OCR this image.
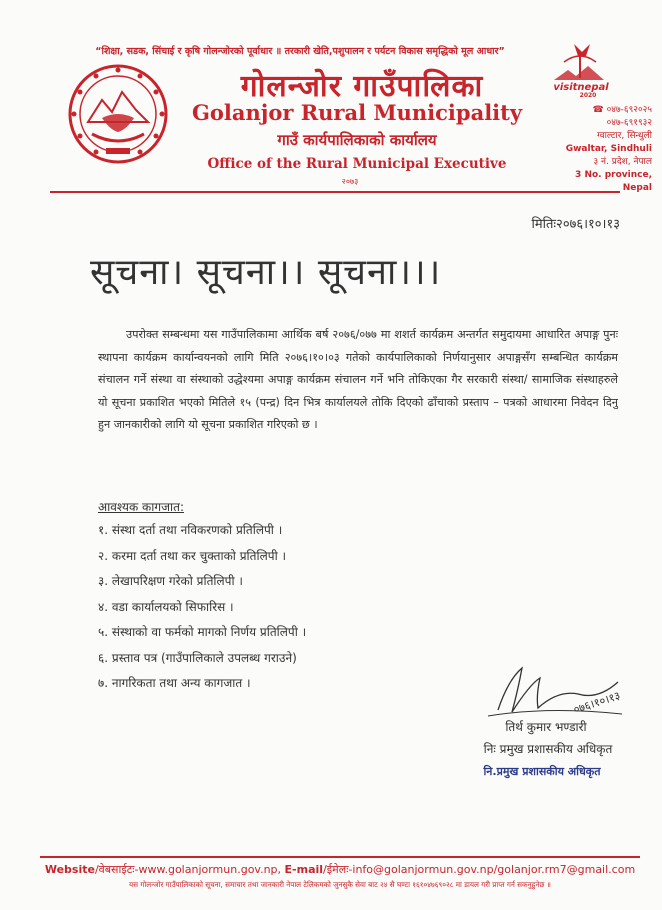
“शिक्षा, सडक, सिंचाई र कृषि गोलन्जोरको पूर्वाधार ॥ तरकारी खेति,पशुपालन र पर्यटन विकास समृद्धिको मूल आधार”
visitnepal
2020
गोलन्जोर गाउँपालिका
Golanjor Rural Municipality
गाउँ कार्यपालिकाको कार्यालय
Office of the Rural Municipal Executive
२०७३
☎ ०४७-६९२०२५
०४७-६९१९३२
ग्वाल्टार, सिन्धुली
Gwaltar, Sindhuli
३ नं. प्रदेश, नेपाल
3 No. province, Nepal
मितिः२०७६।१०।१३
सूचना। सूचना।। सूचना।।।
उपरोक्त सम्बन्धमा यस गाउँपालिकामा आर्थिक बर्ष २०७६/०७७ मा शशर्त कार्यक्रम अन्तर्गत समुदायमा आधारित अपाङ्ग पुनः स्थापना कार्यक्रम कार्यान्वयनको लागि मिति २०७६।१०।०३ गतेको कार्यपालिकाको निर्णयानुसार अपाङ्गसँग सम्बन्धित कार्यक्रम संचालन गर्ने संस्था वा संस्थाको उद्धेश्यमा अपाङ्ग कार्यक्रम संचालन गर्ने भनि तोकिएका गैर सरकारी संस्था/ सामाजिक संस्थाहरुले यो सूचना प्रकाशित भएको मितिले १५ (पन्द्र) दिन भित्र कार्यालयले तोकि दिएको ढाँचाको प्रस्ताप – पत्रको आधारमा निवेदन दिनु हुन जानकारीको लागि यो सूचना प्रकाशित गरिएको छ ।
आवश्यक कागजात:
१. संस्था दर्ता तथा नविकरणको प्रतिलिपी ।
२. करमा दर्ता तथा कर चुक्ताको प्रतिलिपी ।
३. लेखापरिक्षण गरेको प्रतिलिपी ।
४. वडा कार्यालयको सिफारिस ।
५. संस्थाको वा फर्मको मागको निर्णय प्रतिलिपी ।
६. प्रस्ताव पत्र (गाउँपालिकाले उपलब्ध गराउने)
७. नागरिकता तथा अन्य कागजात ।
०७६।१०।१३
तिर्थ कुमार भण्डारी
निः प्रमुख प्रशासकीय अधिकृत
नि.प्रमुख प्रशासकीय अधिकृत
Website/वेबसाईटः-www.golanjormun.gov.np, E-mail/ईमेलः-info@golanjormun.gov.np/golanjor.rm7@gmail.com
यस गोलन्जोर गाउँपालिकाको सूचना, समाचार तथा जानकारी नेपाल टेलिकमको जुनसुकै सेवा बाट २४ सै घण्टा १६१०४७६९०२८ मा डायल गरी प्राप्त गर्न सकनुहुनेछ ॥
